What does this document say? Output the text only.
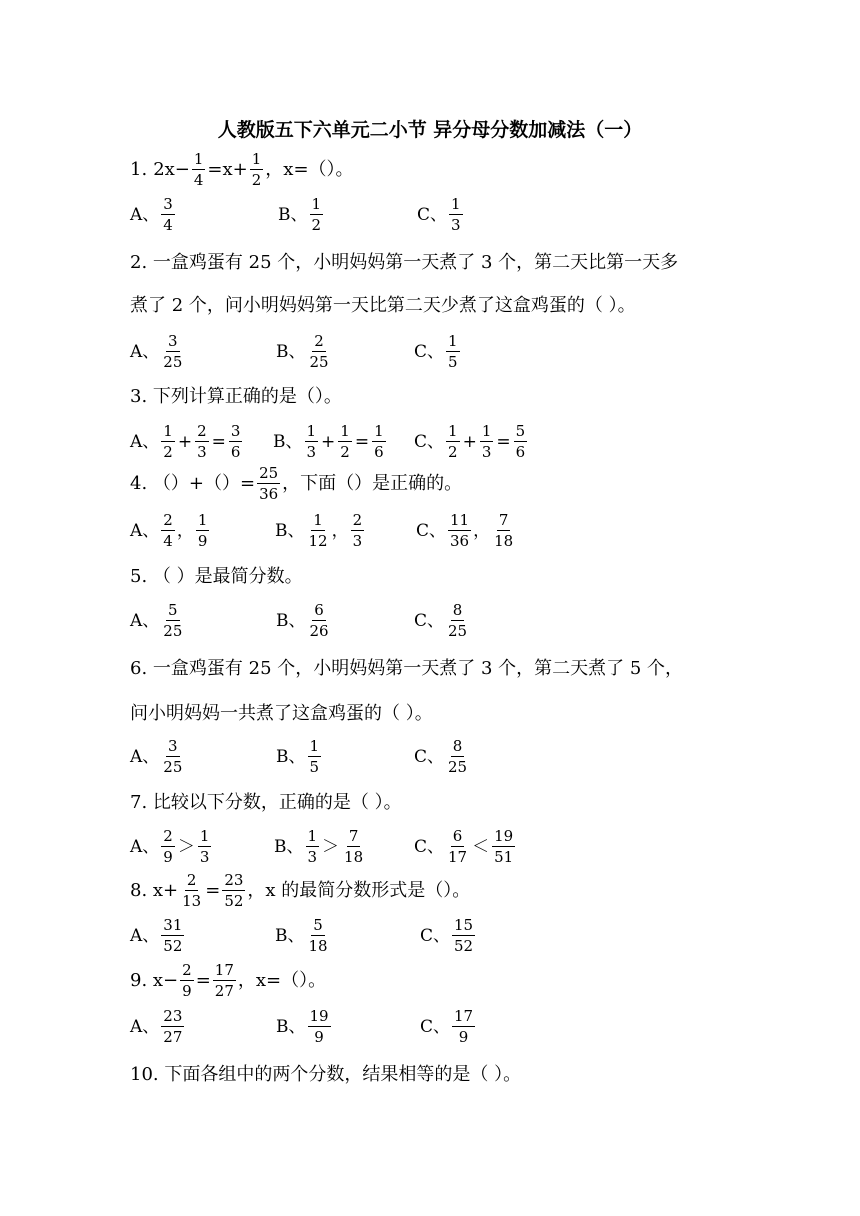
人教版五下六单元二小节 异分母分数加减法（一）
1. $2x- \frac{1}{4} =x+ \frac{1}{2}$ ，x=（）。
A、 $\frac{3}{4}$	B、 $\frac{1}{2}$	C、 $\frac{1}{3}$
2. 一盒鸡蛋有 25 个，小明妈妈第一天煮了 3 个，第二天比第一天多
煮了 2 个，问小明妈妈第一天比第二天少煮了这盒鸡蛋的（ ）。
A、 $\frac{3}{25}$	B、 $\frac{2}{25}$	C、 $\frac{1}{5}$
3. 下列计算正确的是（）。
A、 $\frac{1}{2} + \frac{2}{3} = \frac{3}{6}$ B、 $\frac{1}{3} + \frac{1}{2} = \frac{1}{6}$ C、 $\frac{1}{2} + \frac{1}{3} = \frac{5}{6}$
4. （）+（）= $\frac{25}{36}$ ，下面（）是正确的。
A、 $\frac{2}{4}$ ， $\frac{1}{9}$	B、 $\frac{1}{12}$ ， $\frac{2}{3}$	C、 $\frac{11}{36}$ ， $\frac{7}{18}$
5. （ ）是最简分数。
A、 $\frac{5}{25}$	B、 $\frac{6}{26}$	C、 $\frac{8}{25}$
6. 一盒鸡蛋有 25 个，小明妈妈第一天煮了 3 个，第二天煮了 5 个，
问小明妈妈一共煮了这盒鸡蛋的（ ）。
A、 $\frac{3}{25}$	B、 $\frac{1}{5}$	C、 $\frac{8}{25}$
7. 比较以下分数，正确的是（ ）。
A、 $\frac{2}{9} > \frac{1}{3}$	B、 $\frac{1}{3} > \frac{7}{18}$	C、 $\frac{6}{17} < \frac{19}{51}$
8. $x+ \frac{2}{13} = \frac{23}{52}$ ，x 的最简分数形式是（）。
A、 $\frac{31}{52}$	B、 $\frac{5}{18}$	C、 $\frac{15}{52}$
9. $x- \frac{2}{9} = \frac{17}{27}$ ，x=（）。
A、 $\frac{23}{27}$	B、 $\frac{19}{9}$	C、 $\frac{17}{9}$
10. 下面各组中的两个分数，结果相等的是（ ）。
